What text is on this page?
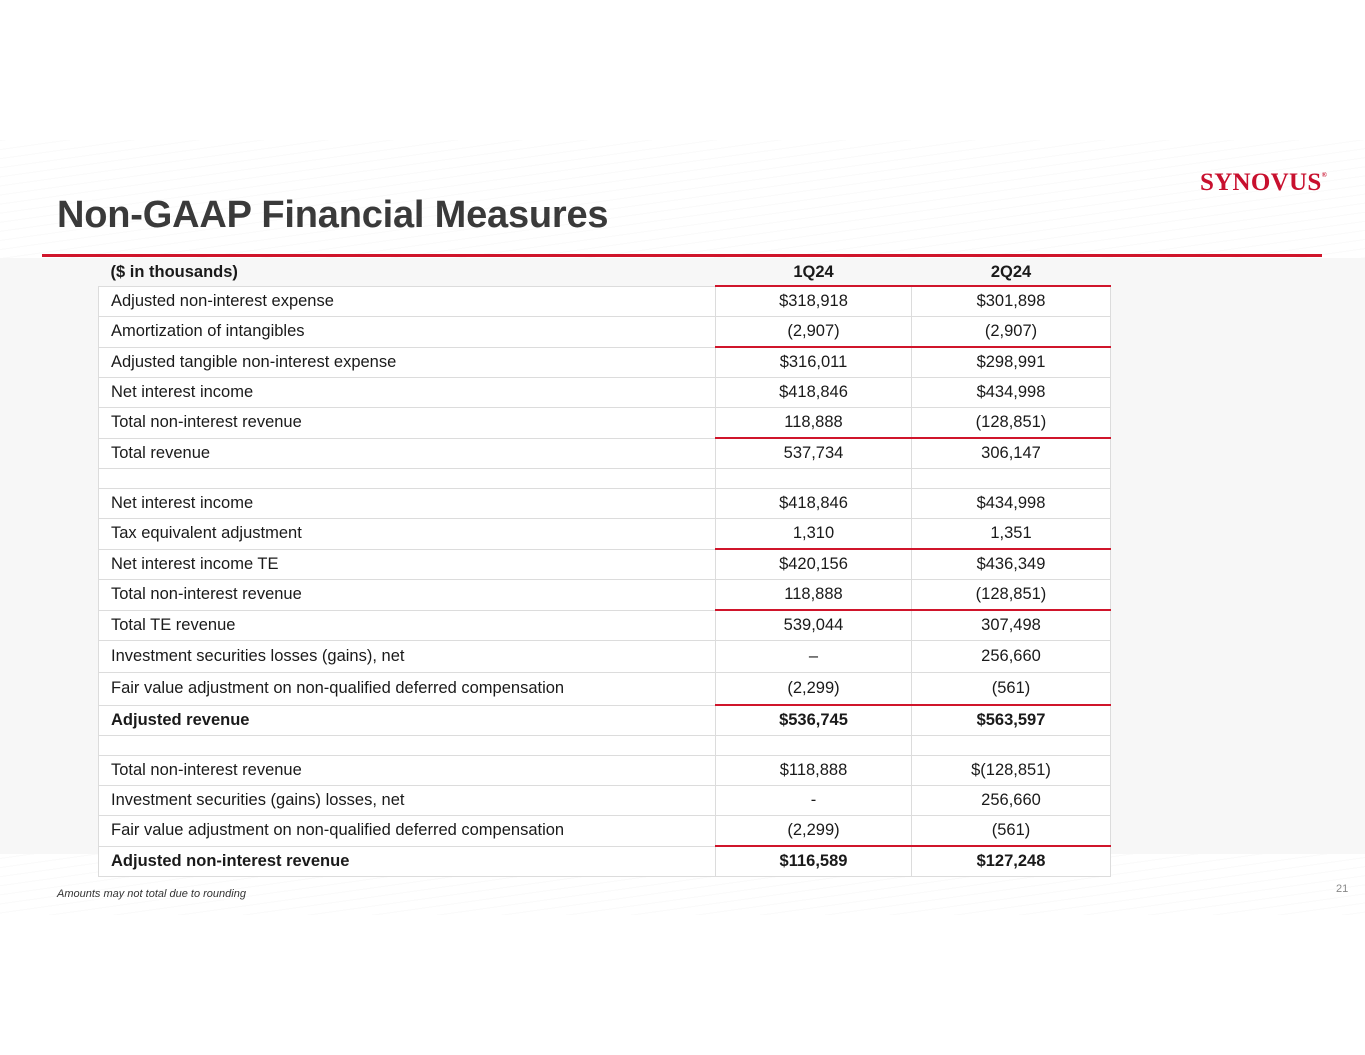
Non-GAAP Financial Measures
SYNOVUS®
($ in thousands)	1Q24	2Q24
Adjusted non-interest expense	$318,918	$301,898
Amortization of intangibles	(2,907)	(2,907)
Adjusted tangible non-interest expense	$316,011	$298,991
Net interest income	$418,846	$434,998
Total non-interest revenue	118,888	(128,851)
Total revenue	537,734	306,147

Net interest income	$418,846	$434,998
Tax equivalent adjustment	1,310	1,351
Net interest income TE	$420,156	$436,349
Total non-interest revenue	118,888	(128,851)
Total TE revenue	539,044	307,498
Investment securities losses (gains), net	–	256,660
Fair value adjustment on non-qualified deferred compensation	(2,299)	(561)
Adjusted revenue	$536,745	$563,597

Total non-interest revenue	$118,888	$(128,851)
Investment securities (gains) losses, net	-	256,660
Fair value adjustment on non-qualified deferred compensation	(2,299)	(561)
Adjusted non-interest revenue	$116,589	$127,248
Amounts may not total due to rounding	21
